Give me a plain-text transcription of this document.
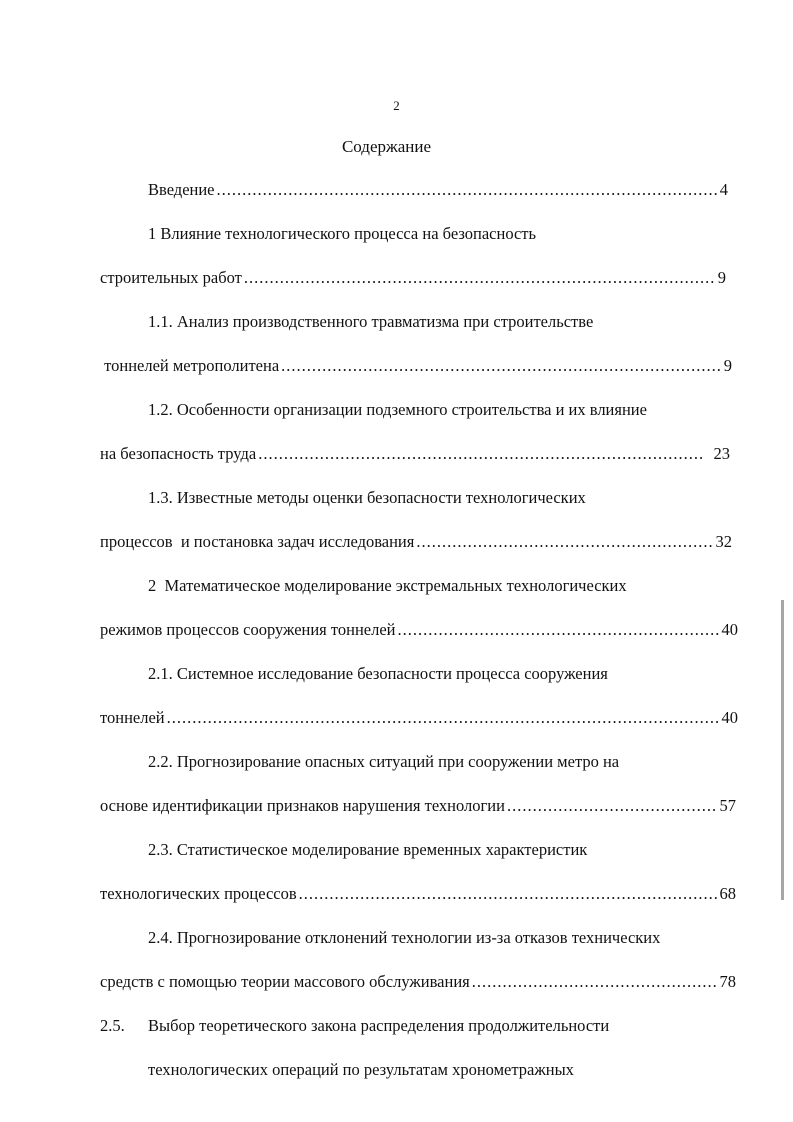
2
Содержание
Введение .....	4
1 Влияние технологического процесса на безопасность
строительных работ .....	9
1.1. Анализ производственного травматизма при строительстве
тоннелей метрополитена .....	9
1.2. Особенности организации подземного строительства и их влияние
на безопасность труда .....	23
1.3. Известные методы оценки безопасности технологических
процессов  и постановка задач исследования .....	32
2  Математическое моделирование экстремальных технологических
режимов процессов сооружения тоннелей .....	40
2.1. Системное исследование безопасности процесса сооружения
тоннелей .....	40
2.2. Прогнозирование опасных ситуаций при сооружении метро на
основе идентификации признаков нарушения технологии .....	57
2.3. Статистическое моделирование временных характеристик
технологических процессов .....	68
2.4. Прогнозирование отклонений технологии из-за отказов технических
средств с помощью теории массового обслуживания .....	78
2.5. Выбор теоретического закона распределения продолжительности
технологических операций по результатам хронометражных
